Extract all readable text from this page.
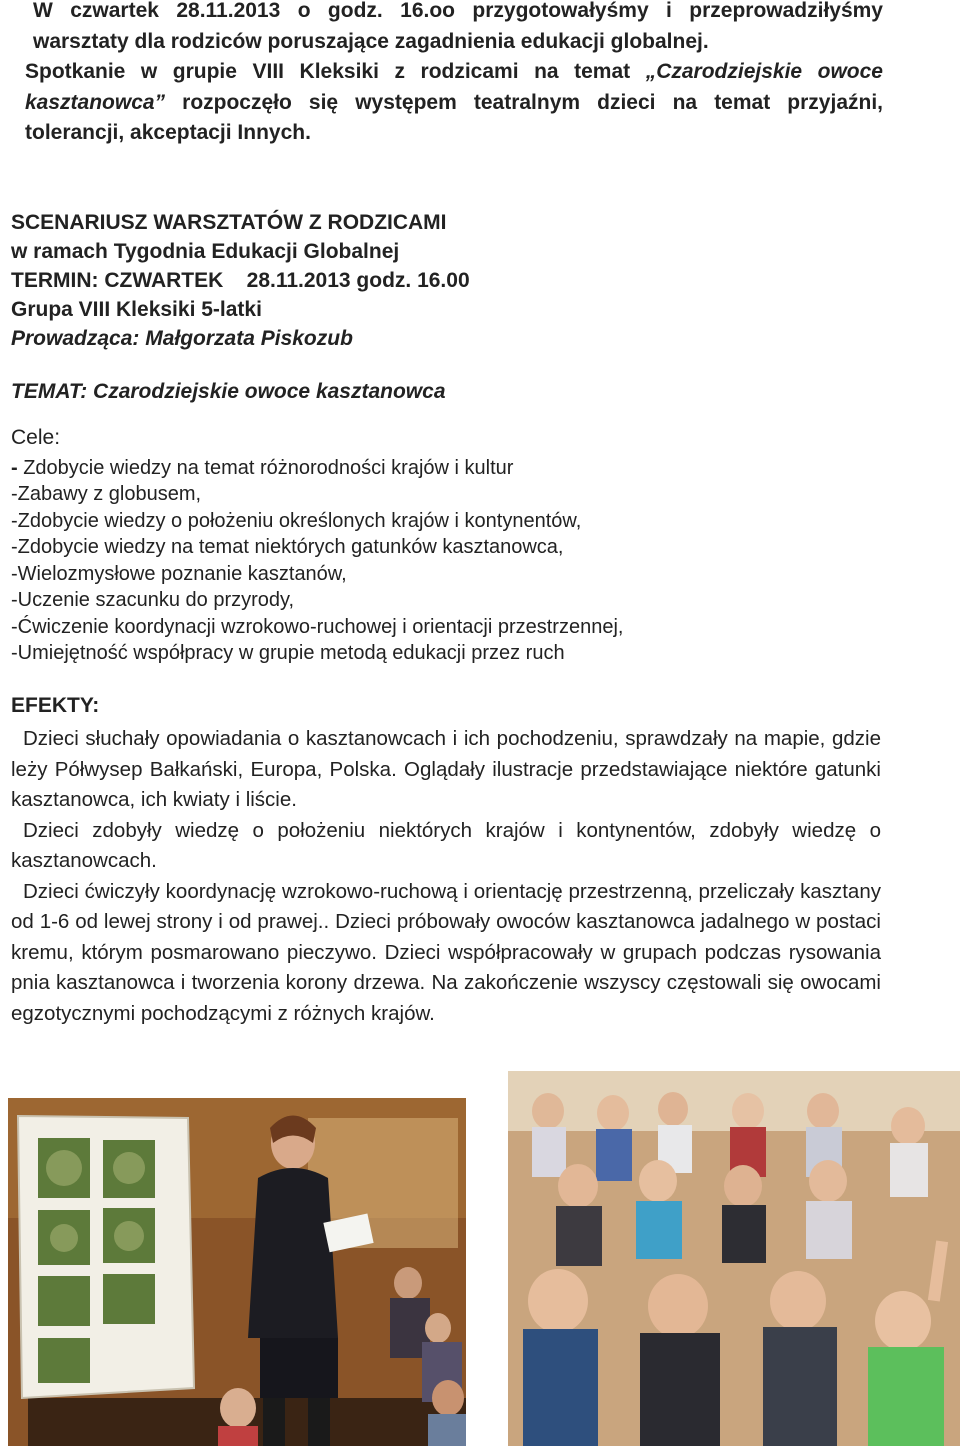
W czwartek 28.11.2013 o godz. 16.oo przygotowałyśmy i przeprowadziłyśmy warsztaty dla rodziców poruszające zagadnienia edukacji globalnej.

Spotkanie w grupie VIII Kleksiki z rodzicami na temat „Czarodziejskie owoce kasztanowca” rozpoczęło się występem teatralnym dzieci na temat przyjaźni, tolerancji, akceptacji Innych.

SCENARIUSZ WARSZTATÓW Z RODZICAMI
w ramach Tygodnia Edukacji Globalnej
TERMIN: CZWARTEK    28.11.2013 godz. 16.00
Grupa VIII Kleksiki 5-latki
Prowadząca: Małgorzata Piskozub
TEMAT: Czarodziejskie owoce kasztanowca
Cele:
- Zdobycie wiedzy na temat różnorodności krajów i kultur
-Zabawy z globusem,
-Zdobycie wiedzy o położeniu określonych krajów i kontynentów,
-Zdobycie wiedzy na temat niektórych gatunków kasztanowca,
-Wielozmysłowe poznanie kasztanów,
-Uczenie szacunku do przyrody,
-Ćwiczenie koordynacji wzrokowo-ruchowej i orientacji przestrzennej,
-Umiejętność współpracy w grupie metodą edukacji przez ruch
EFEKTY:

Dzieci słuchały opowiadania o kasztanowcach i ich pochodzeniu, sprawdzały na mapie, gdzie leży Półwysep Bałkański, Europa, Polska. Oglądały ilustracje przedstawiające niektóre gatunki kasztanowca, ich kwiaty i liście.

Dzieci zdobyły wiedzę o położeniu niektórych krajów i kontynentów, zdobyły wiedzę o kasztanowcach.

Dzieci ćwiczyły koordynację wzrokowo-ruchową i orientację przestrzenną, przeliczały kasztany od 1-6 od lewej strony i od prawej.. Dzieci próbowały owoców kasztanowca jadalnego w postaci kremu, którym posmarowano pieczywo. Dzieci współpracowały w grupach podczas rysowania pnia kasztanowca i tworzenia korony drzewa. Na zakończenie wszyscy częstowali się owocami egzotycznymi pochodzącymi z różnych krajów.
